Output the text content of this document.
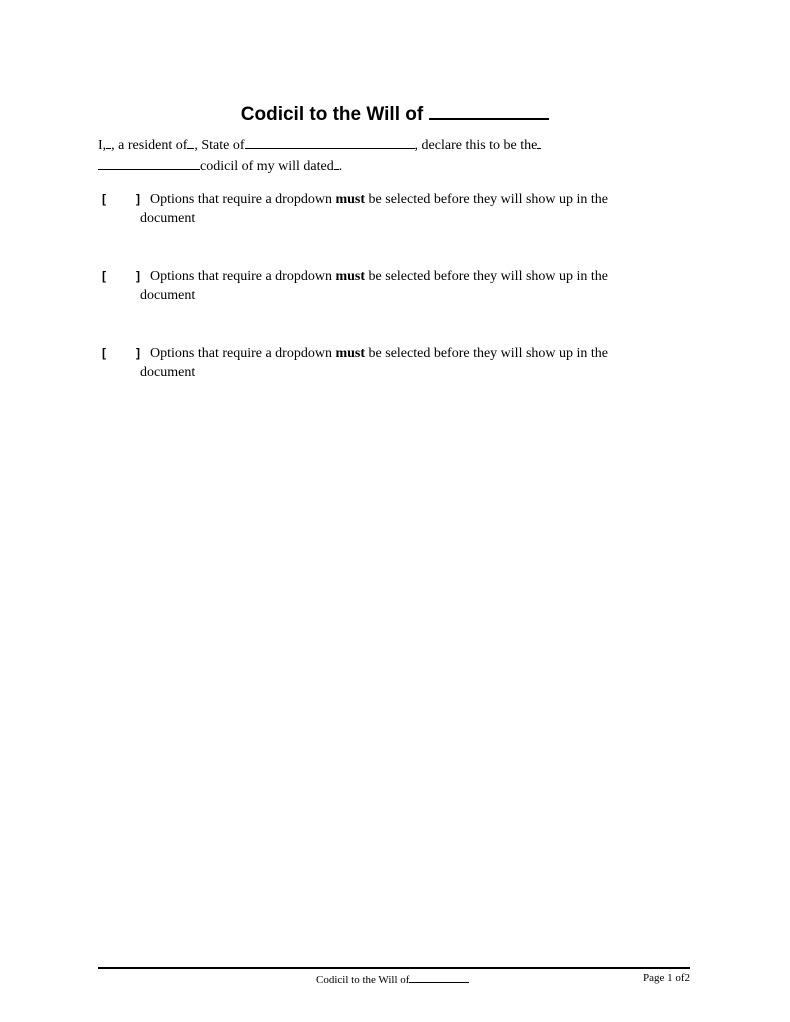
Codicil to the Will of
I, , a resident of , State of	, declare this to be the
codicil of my will dated .
[	] Options that require a dropdown must be selected before they will show up in the
document
[	] Options that require a dropdown must be selected before they will show up in the
document
[	] Options that require a dropdown must be selected before they will show up in the
document
Codicil to the Will of	Page 1 of2
